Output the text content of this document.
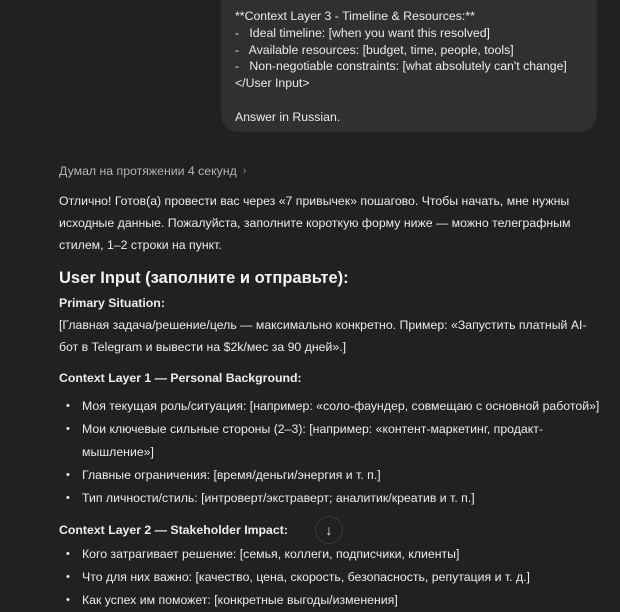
**Context Layer 3 - Timeline & Resources:**
-   Ideal timeline: [when you want this resolved]
-   Available resources: [budget, time, people, tools]
-   Non-negotiable constraints: [what absolutely can't change]
</User Input>
Answer in Russian.
Думал на протяжении 4 секунд ›

Отлично! Готов(а) провести вас через «7 привычек» пошагово. Чтобы начать, мне нужны исходные данные. Пожалуйста, заполните короткую форму ниже — можно телеграфным стилем, 1–2 строки на пункт.

User Input (заполните и отправьте):

Primary Situation:

[Главная задача/решение/цель — максимально конкретно. Пример: «Запустить платный AI-бот в Telegram и вывести на $2k/мес за 90 дней».]

Context Layer 1 — Personal Background:

• Моя текущая роль/ситуация: [например: «соло-фаундер, совмещаю с основной работой»]
• Мои ключевые сильные стороны (2–3): [например: «контент-маркетинг, продакт-мышление»]
• Главные ограничения: [время/деньги/энергия и т. п.]
• Тип личности/стиль: [интроверт/экстраверт; аналитик/креатив и т. п.]

Context Layer 2 — Stakeholder Impact:

• Кого затрагивает решение: [семья, коллеги, подписчики, клиенты]
• Что для них важно: [качество, цена, скорость, безопасность, репутация и т. д.]
• Как успех им поможет: [конкретные выгоды/изменения]
↓
